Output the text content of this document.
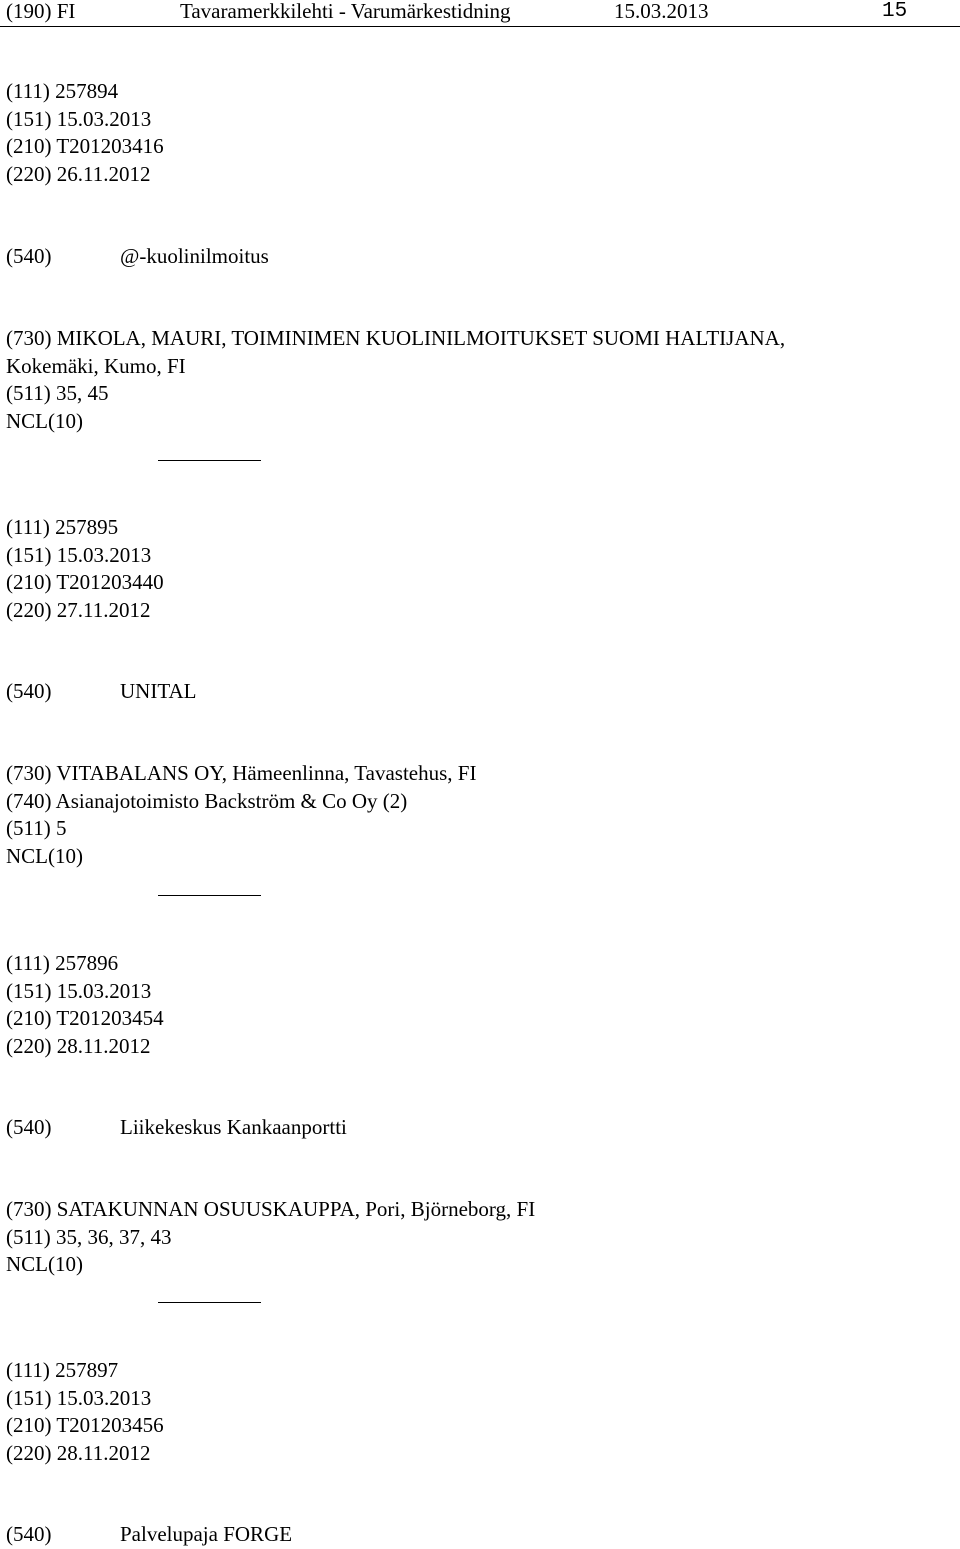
(190) FI	Tavaramerkkilehti - Varumärkestidning	15.03.2013	15
(111) 257894
(151) 15.03.2013
(210) T201203416
(220) 26.11.2012
(540)	@-kuolinilmoitus
(730) MIKOLA, MAURI, TOIMINIMEN KUOLINILMOITUKSET SUOMI HALTIJANA,
Kokemäki, Kumo, FI
(511) 35, 45
NCL(10)
(111) 257895
(151) 15.03.2013
(210) T201203440
(220) 27.11.2012
(540)	UNITAL
(730) VITABALANS OY, Hämeenlinna, Tavastehus, FI
(740) Asianajotoimisto Backström & Co Oy (2)
(511) 5
NCL(10)
(111) 257896
(151) 15.03.2013
(210) T201203454
(220) 28.11.2012
(540)	Liikekeskus Kankaanportti
(730) SATAKUNNAN OSUUSKAUPPA, Pori, Björneborg, FI
(511) 35, 36, 37, 43
NCL(10)
(111) 257897
(151) 15.03.2013
(210) T201203456
(220) 28.11.2012
(540)	Palvelupaja FORGE
